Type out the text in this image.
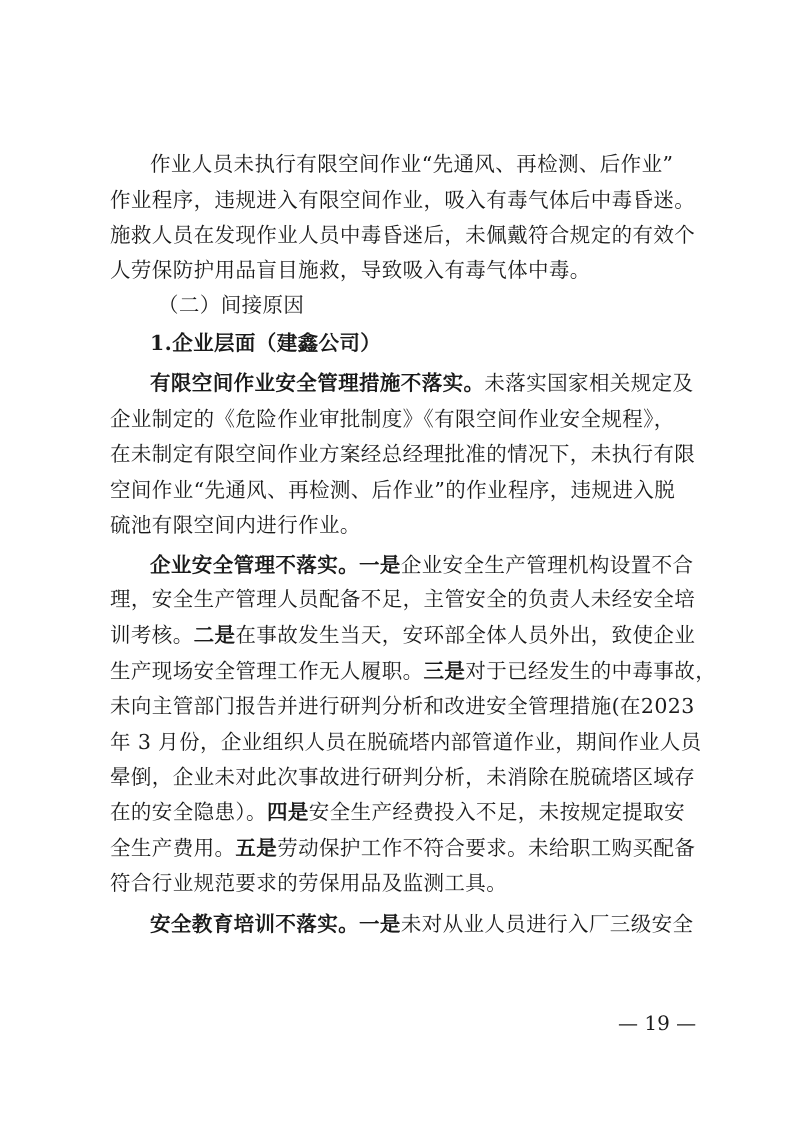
作业人员未执行有限空间作业“先通风、再检测、后作业”
作业程序，违规进入有限空间作业，吸入有毒气体后中毒昏迷。
施救人员在发现作业人员中毒昏迷后，未佩戴符合规定的有效个
人劳保防护用品盲目施救，导致吸入有毒气体中毒。
（二）间接原因
1.企业层面（建鑫公司）
有限空间作业安全管理措施不落实。未落实国家相关规定及
企业制定的《危险作业审批制度》《有限空间作业安全规程》，
在未制定有限空间作业方案经总经理批准的情况下，未执行有限
空间作业“先通风、再检测、后作业”的作业程序，违规进入脱
硫池有限空间内进行作业。
企业安全管理不落实。一是企业安全生产管理机构设置不合
理，安全生产管理人员配备不足，主管安全的负责人未经安全培
训考核。二是在事故发生当天，安环部全体人员外出，致使企业
生产现场安全管理工作无人履职。三是对于已经发生的中毒事故，
未向主管部门报告并进行研判分析和改进安全管理措施(在2023
年 3 月份，企业组织人员在脱硫塔内部管道作业，期间作业人员
晕倒，企业未对此次事故进行研判分析，未消除在脱硫塔区域存
在的安全隐患）。四是安全生产经费投入不足，未按规定提取安
全生产费用。五是劳动保护工作不符合要求。未给职工购买配备
符合行业规范要求的劳保用品及监测工具。
安全教育培训不落实。一是未对从业人员进行入厂三级安全
— 19 —
